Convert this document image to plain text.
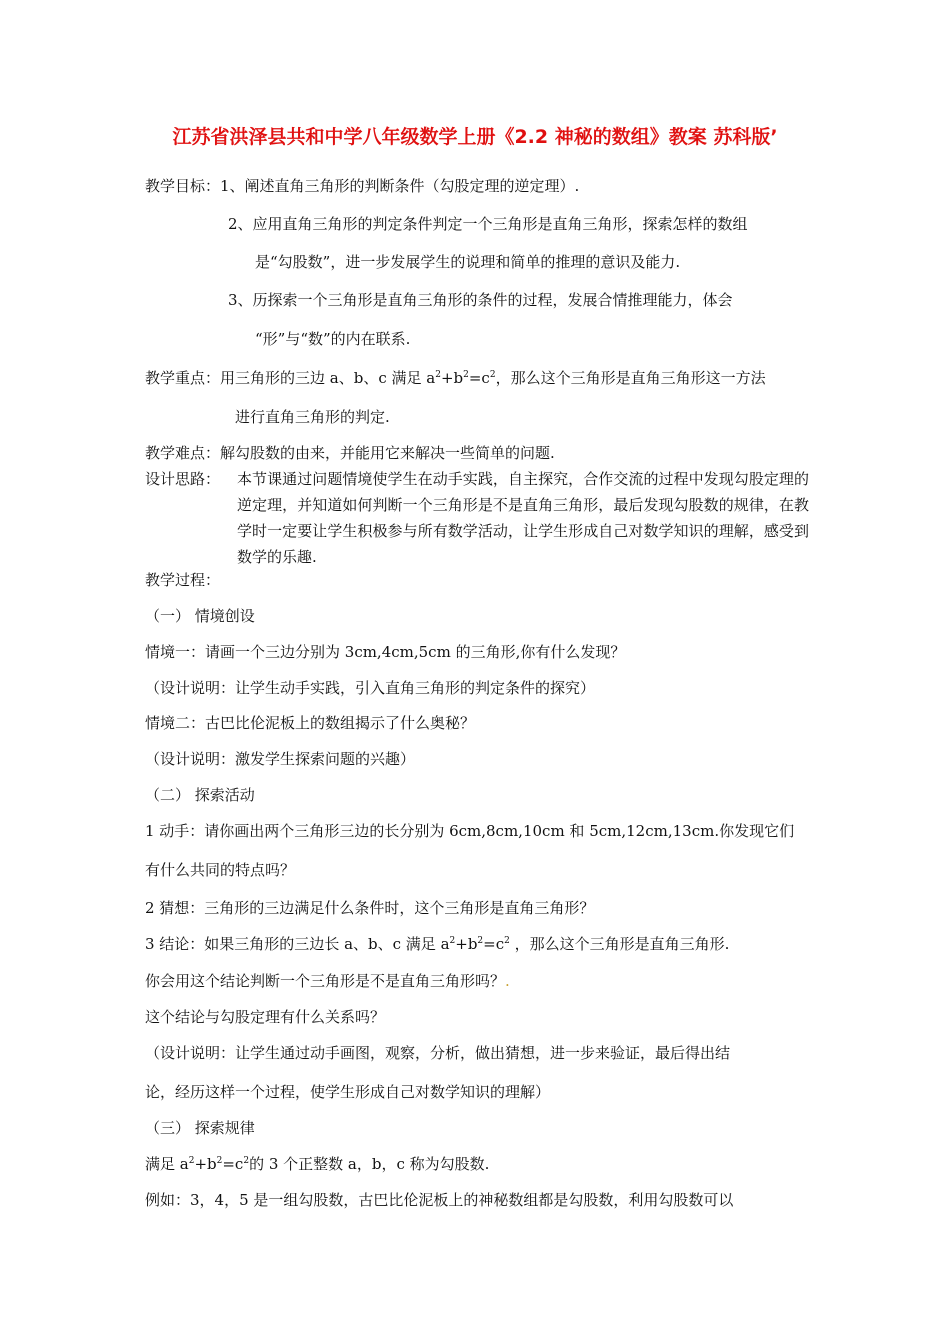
江苏省洪泽县共和中学八年级数学上册《2.2 神秘的数组》教案 苏科版’
教学目标：1、阐述直角三角形的判断条件（勾股定理的逆定理）.
2、应用直角三角形的判定条件判定一个三角形是直角三角形，探索怎样的数组
是“勾股数”，进一步发展学生的说理和简单的推理的意识及能力.
3、历探索一个三角形是直角三角形的条件的过程，发展合情推理能力，体会
“形”与“数”的内在联系.
教学重点：用三角形的三边 a、b、c 满足 $a^2+b^2=c^2$，那么这个三角形是直角三角形这一方法
进行直角三角形的判定.
教学难点：解勾股数的由来，并能用它来解决一些简单的问题.
设计思路： 本节课通过问题情境使学生在动手实践，自主探究，合作交流的过程中发现勾股定理的逆定理，并知道如何判断一个三角形是不是直角三角形，最后发现勾股数的规律，在教学时一定要让学生积极参与所有数学活动，让学生形成自己对数学知识的理解，感受到数学的乐趣.
教学过程：
（一） 情境创设
情境一：请画一个三边分别为 3cm,4cm,5cm 的三角形,你有什么发现？
（设计说明：让学生动手实践，引入直角三角形的判定条件的探究）
情境二：古巴比伦泥板上的数组揭示了什么奥秘？
（设计说明：激发学生探索问题的兴趣）
（二） 探索活动
1 动手：请你画出两个三角形三边的长分别为 6cm,8cm,10cm 和 5cm,12cm,13cm.你发现它们
有什么共同的特点吗？
2 猜想：三角形的三边满足什么条件时，这个三角形是直角三角形？
3 结论：如果三角形的三边长 a、b、c 满足 $a^2+b^2=c^2$ ，那么这个三角形是直角三角形.
你会用这个结论判断一个三角形是不是直角三角形吗？.
这个结论与勾股定理有什么关系吗？
（设计说明：让学生通过动手画图，观察，分析，做出猜想，进一步来验证，最后得出结
论，经历这样一个过程，使学生形成自己对数学知识的理解）
（三） 探索规律
满足 $a^2+b^2=c^2$的 3 个正整数 a，b，c 称为勾股数.
例如：3，4，5 是一组勾股数，古巴比伦泥板上的神秘数组都是勾股数，利用勾股数可以
